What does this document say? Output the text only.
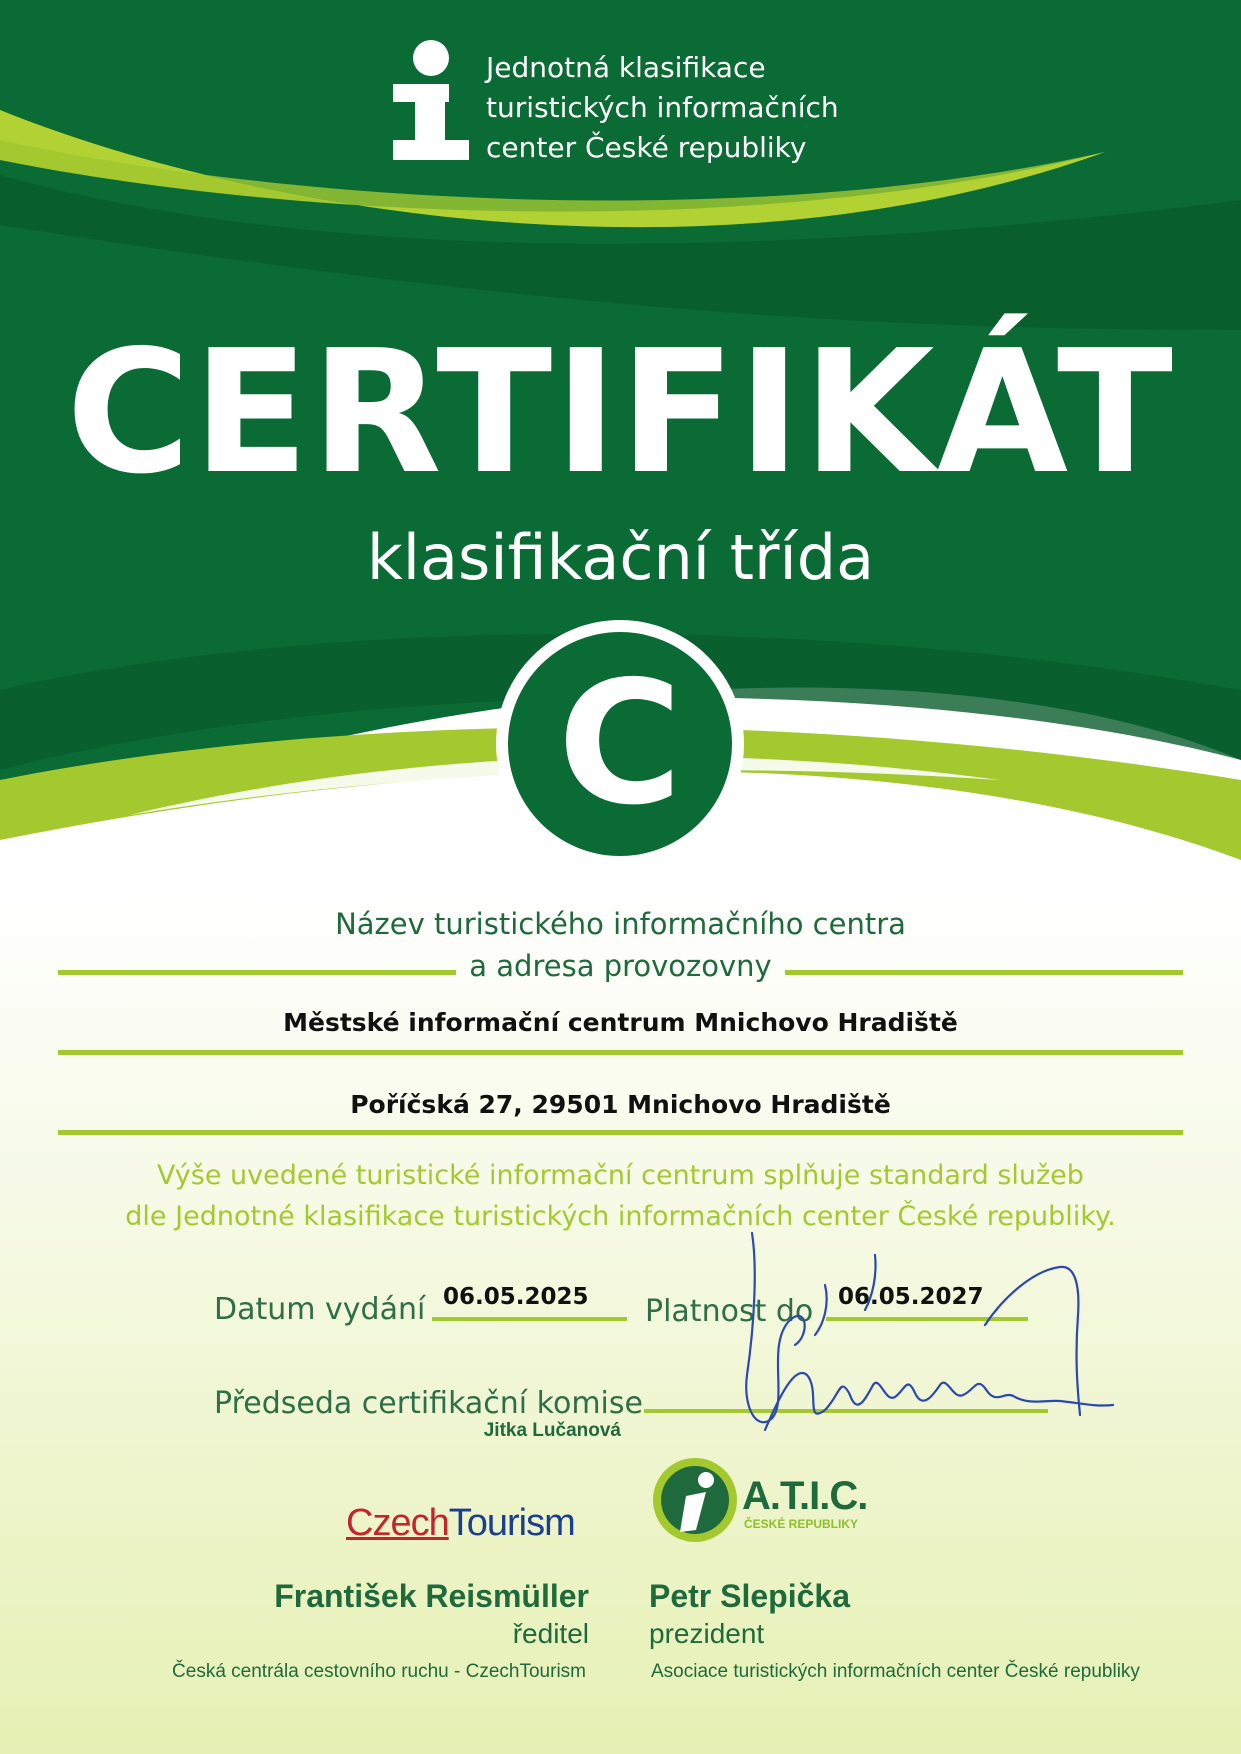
Jednotná klasifikace
turistických informačních
center České republiky
CERTIFIKÁT
klasifikační třída
C
Název turistického informačního centra
a adresa provozovny
Městské informační centrum Mnichovo Hradiště
Poříčská 27, 29501 Mnichovo Hradiště
Výše uvedené turistické informační centrum splňuje standard služeb
dle Jednotné klasifikace turistických informačních center České republiky.
Datum vydání 06.05.2025 Platnost do 06.05.2027
Předseda certifikační komise
Jitka Lučanová
CzechTourism
A.T.I.C.
ČESKÉ REPUBLIKY
František Reismüller
ředitel
Česká centrála cestovního ruchu - CzechTourism
Petr Slepička
prezident
Asociace turistických informačních center České republiky
